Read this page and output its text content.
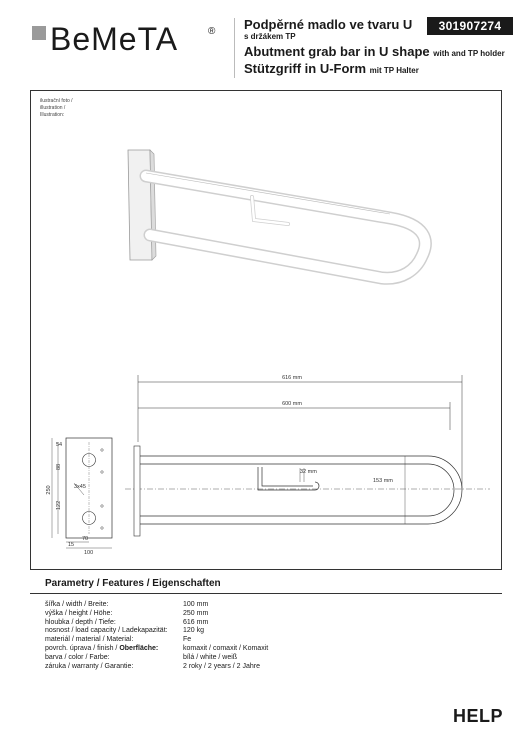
BeMeTA	® Podpěrné madlo ve tvaru U
s držákem TP
Abutment grab bar in U shape with and TP holder
Stützgriff in U-Form mit TP Halter
301907274
ilustrační foto /
illustration /
Illustration:
616 mm
600 mm
32 mm
153 mm
250
54
88
122
3x45
15
70
100
Parametry / Features / Eigenschaften
šířka / width / Breite:	100 mm
výška / height / Höhe:	250 mm
hloubka / depth / Tiefe:	616 mm
nosnost / load capacity / Ladekapazität:	120 kg
materiál / material / Material:	Fe
povrch. úprava / finish / Oberfläche:	komaxit / comaxit / Komaxit
barva / color / Farbe:	bílá / white / weiß
záruka / warranty / Garantie:	2 roky / 2 years / 2 Jahre
HELP
